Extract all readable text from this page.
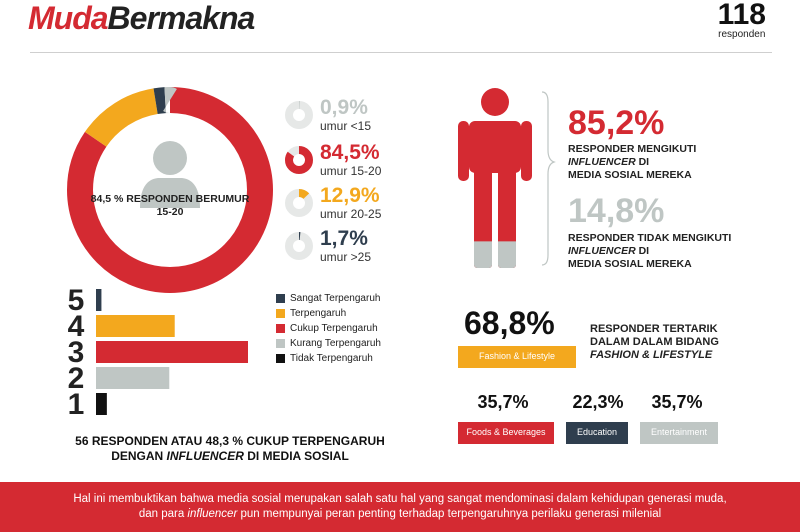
MudaBermakna	118
responden
84,5 % RESPONDEN BERUMUR 15-20
0,9%
umur <15
84,5%
umur 15-20
12,9%
umur 20-25
1,7%
umur >25
85,2%
RESPONDER MENGIKUTI
INFLUENCER DI
MEDIA SOSIAL MEREKA
14,8%
RESPONDER TIDAK MENGIKUTI
INFLUENCER DI
MEDIA SOSIAL MEREKA
5
4
3
2
1
Sangat Terpengaruh
Terpengaruh
Cukup Terpengaruh
Kurang Terpengaruh
Tidak Terpengaruh
56 RESPONDEN ATAU 48,3 % CUKUP TERPENGARUH
DENGAN INFLUENCER DI MEDIA SOSIAL
68,8%
Fashion & Lifestyle
RESPONDER TERTARIK
DALAM DALAM BIDANG
FASHION & LIFESTYLE
35,7%
Foods & Beverages
22,3%
Education
35,7%
Entertainment
Hal ini membuktikan bahwa media sosial merupakan salah satu hal yang sangat mendominasi dalam kehidupan generasi muda,
dan para influencer pun mempunyai peran penting terhadap terpengaruhnya perilaku generasi milenial
